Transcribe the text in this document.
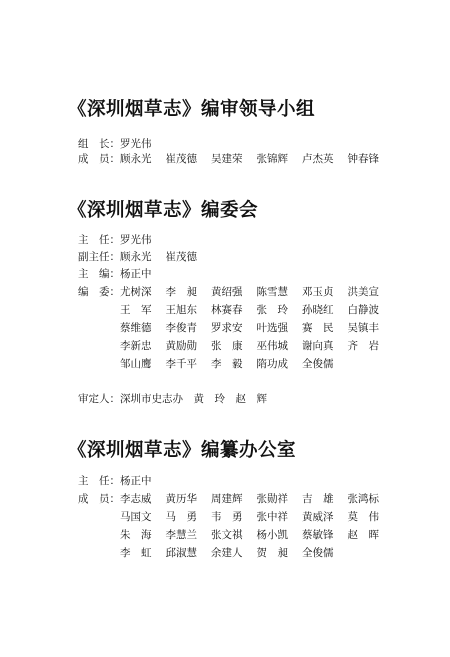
《深圳烟草志》编审领导小组
组　长：罗光伟
成　员： 顾永光 崔茂德 吴建荣 张锦辉 卢杰英 钟春锋
《深圳烟草志》编委会
主　任：罗光伟
副主任： 顾永光 崔茂德
主　编：杨正中
编　委： 尤树深 李　昶 黄绍强 陈雪慧 邓玉贞 洪美宣
王　军 王旭东 林赛春 张　玲 孙晓红 白静波
蔡维德 李俊青 罗求安 叶选强 赛　民 吴镇丰
李新忠 黄励勋 张　康 巫伟城 谢向真 齐　岩
邹山鹰 李千平 李　毅 隋功成 全俊儒
审定人：深圳市史志办　黄　玲　赵　辉
《深圳烟草志》编纂办公室
主　任：杨正中
成　员： 李志威 黄历华 周建辉 张勋祥 吉　雄 张鸿标
马国文 马　勇 韦　勇 张中祥 黄威泽 莫　伟
朱　海 李慧兰 张文祺 杨小凯 蔡敏锋 赵　晖
李　虹 邱淑慧 余建人 贺　昶 全俊儒
